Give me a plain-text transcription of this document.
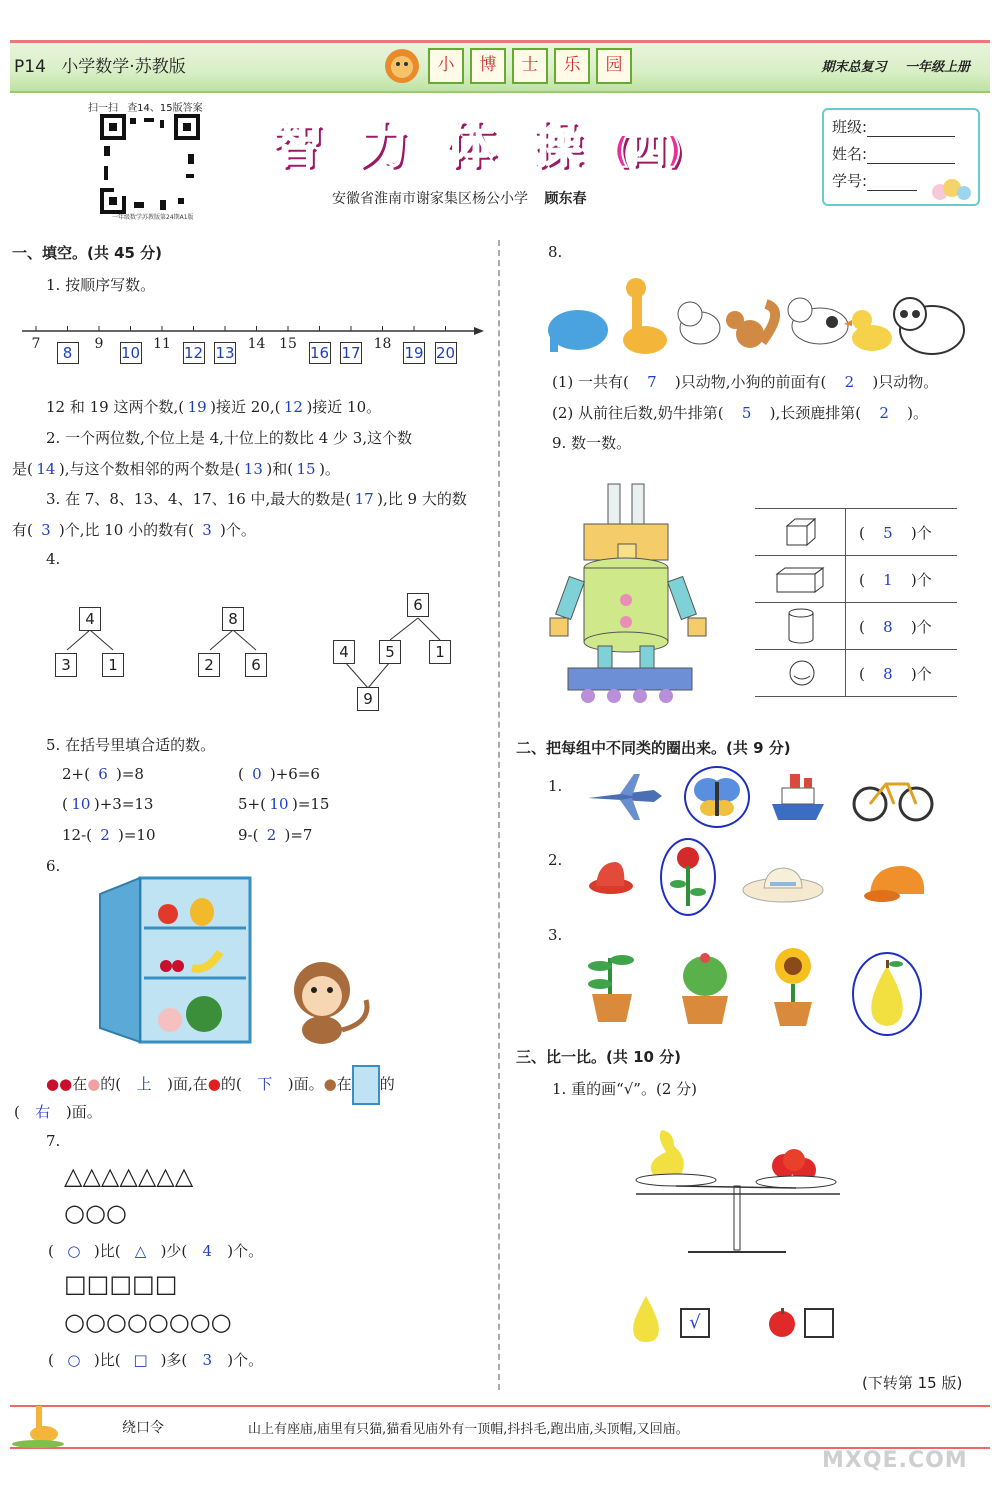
P14 小学数学·苏教版	小	博	士	乐	园	期末总复习 一年级上册
扫一扫 查14、15版答案
一年级数学苏教版第24期A1版
智 力 体 操 (四)
安徽省淮南市谢家集区杨公小学 顾东春
班级:
姓名:
学号:
一、填空。(共 45 分)
1. 按顺序写数。
7	8	9	10 11 12 13 14 15 16 17 18 19 20
12 和 19 这两个数,( 19 )接近 20,( 12 )接近 10。
2. 一个两位数,个位上是 4,十位上的数比 4 少 3,这个数
是( 14 ),与这个数相邻的两个数是( 13 )和( 15 )。
3. 在 7、8、13、4、17、16 中,最大的数是( 17 ),比 9 大的数
有( 3 )个,比 10 小的数有( 3 )个。
4.
4
3	1
8
2	6
6
4	5	1
9
5. 在括号里填合适的数。
2+( 6 )=8	( 0 )+6=6
( 10 )+3=13	5+( 10 )=15
12-( 2 )=10	9-( 2 )=7
6.
●●在●的( 上 )面,在●的( 下 )面。●在 的
( 右 )面。
7.
△△△△△△△
○○○
( ○ )比( △ )少( 4 )个。
□□□□□
○○○○○○○○
( ○ )比( □ )多( 3 )个。
8.
(1) 一共有( 7 )只动物,小狗的前面有( 2 )只动物。
(2) 从前往后数,奶牛排第( 5 ),长颈鹿排第( 2 )。
9. 数一数。
( 5 )个
( 1 )个
( 8 )个
( 8 )个
二、把每组中不同类的圈出来。(共 9 分)
1.
2.
3.
三、比一比。(共 10 分)
1. 重的画“√”。(2 分)
√
(下转第 15 版)
绕口令	山上有座庙,庙里有只猫,猫看见庙外有一顶帽,抖抖毛,跑出庙,头顶帽,又回庙。
MXQE.COM
